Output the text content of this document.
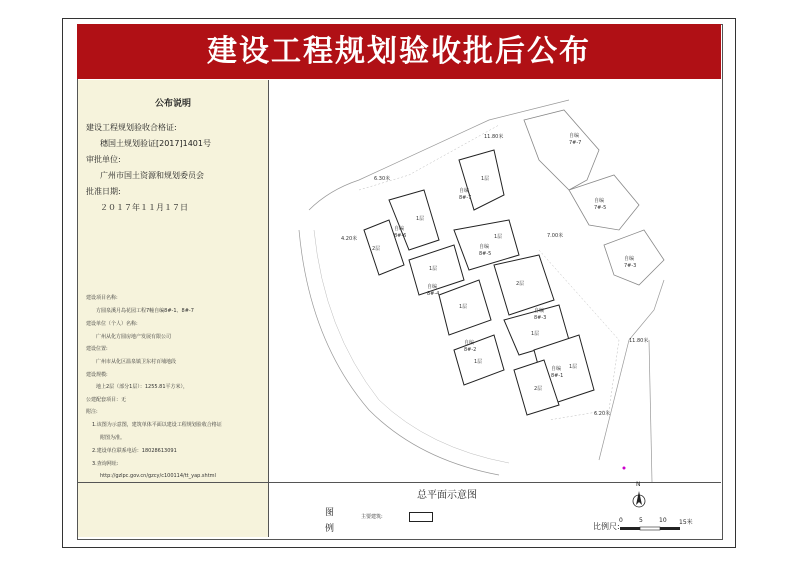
建设工程规划验收批后公布
公布说明
建设工程规划验收合格证:
穗国土规划验证[2017]1401号
审批单位:
广州市国土资源和规划委员会
批准日期:
２０１７年１１月１７日
建设项目名称:
方圆泉溪月岛花园工程7幢自编8#-1、8#-7
建设单位（个人）名称:
广州从化方圆房地产发展有限公司
建设位置:
广州市从化区温泉镇卫东村百埔地段
建设规模:
地上2层（部分1层）：1255.81平方米），
公建配套项目：无
附注:
1.该图为示意图，建筑单体平面以建设工程规划验收合格证
附图为准。
2.建设单位联系电话：18028613091
3.查询网址:
http://gzlpc.gov.cn/gzcy/c100114/tt_yap.shtml
自编 7#-7 自编 7#-5 自编 7#-3 自编 8#-7 自编 8#-6 自编 8#-5 自编 8#-4 自编 8#-3 自编 8#-2 自编 8#-1
11.80米 6.30米 4.20米	7.00米 11.80米 6.20米
1层 1层 2层 1层 1层 2层 1层 1层 1层 1层 2层
总平面示意图
图
例
主要建筑:
N
比例尺:
0	5	10 15米
